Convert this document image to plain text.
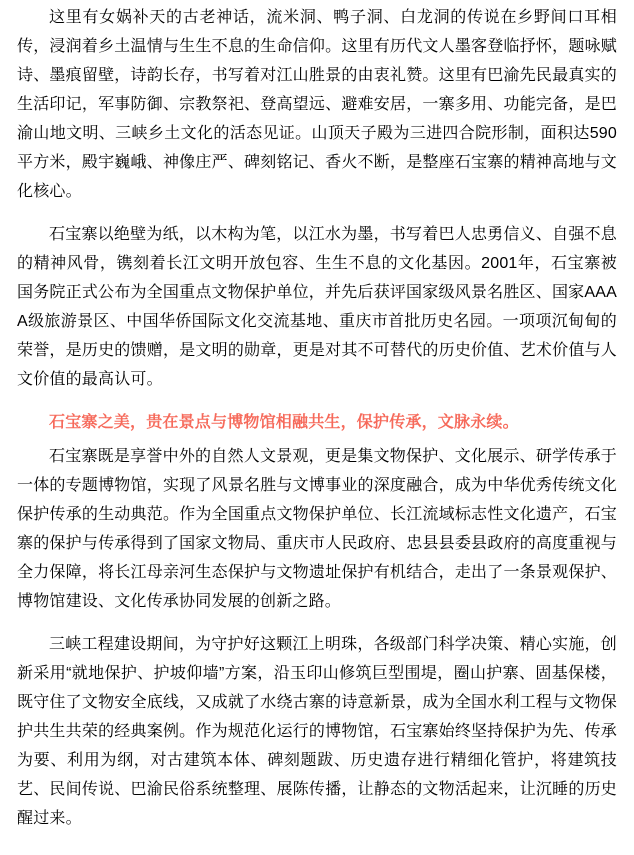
这里有女娲补天的古老神话，流米洞、鸭子洞、白龙洞的传说在乡野间口耳相传，浸润着乡土温情与生生不息的生命信仰。这里有历代文人墨客登临抒怀，题咏赋诗、墨痕留壁，诗韵长存，书写着对江山胜景的由衷礼赞。这里有巴渝先民最真实的生活印记，军事防御、宗教祭祀、登高望远、避难安居，一寨多用、功能完备，是巴渝山地文明、三峡乡土文化的活态见证。山顶天子殿为三进四合院形制，面积达590平方米，殿宇巍峨、神像庄严、碑刻铭记、香火不断，是整座石宝寨的精神高地与文化核心。

石宝寨以绝壁为纸，以木构为笔，以江水为墨，书写着巴人忠勇信义、自强不息的精神风骨，镌刻着长江文明开放包容、生生不息的文化基因。2001年，石宝寨被国务院正式公布为全国重点文物保护单位，并先后获评国家级风景名胜区、国家AAAA级旅游景区、中国华侨国际文化交流基地、重庆市首批历史名园。一项项沉甸甸的荣誉，是历史的馈赠，是文明的勋章，更是对其不可替代的历史价值、艺术价值与人文价值的最高认可。

石宝寨之美，贵在景点与博物馆相融共生，保护传承，文脉永续。

石宝寨既是享誉中外的自然人文景观，更是集文物保护、文化展示、研学传承于一体的专题博物馆，实现了风景名胜与文博事业的深度融合，成为中华优秀传统文化保护传承的生动典范。作为全国重点文物保护单位、长江流域标志性文化遗产，石宝寨的保护与传承得到了国家文物局、重庆市人民政府、忠县县委县政府的高度重视与全力保障，将长江母亲河生态保护与文物遗址保护有机结合，走出了一条景观保护、博物馆建设、文化传承协同发展的创新之路。

三峡工程建设期间，为守护好这颗江上明珠，各级部门科学决策、精心实施，创新采用“就地保护、护坡仰墙”方案，沿玉印山修筑巨型围堤，圈山护寨、固基保楼，既守住了文物安全底线，又成就了水绕古寨的诗意新景，成为全国水利工程与文物保护共生共荣的经典案例。作为规范化运行的博物馆，石宝寨始终坚持保护为先、传承为要、利用为纲，对古建筑本体、碑刻题跋、历史遗存进行精细化管护，将建筑技艺、民间传说、巴渝民俗系统整理、展陈传播，让静态的文物活起来，让沉睡的历史醒过来。
